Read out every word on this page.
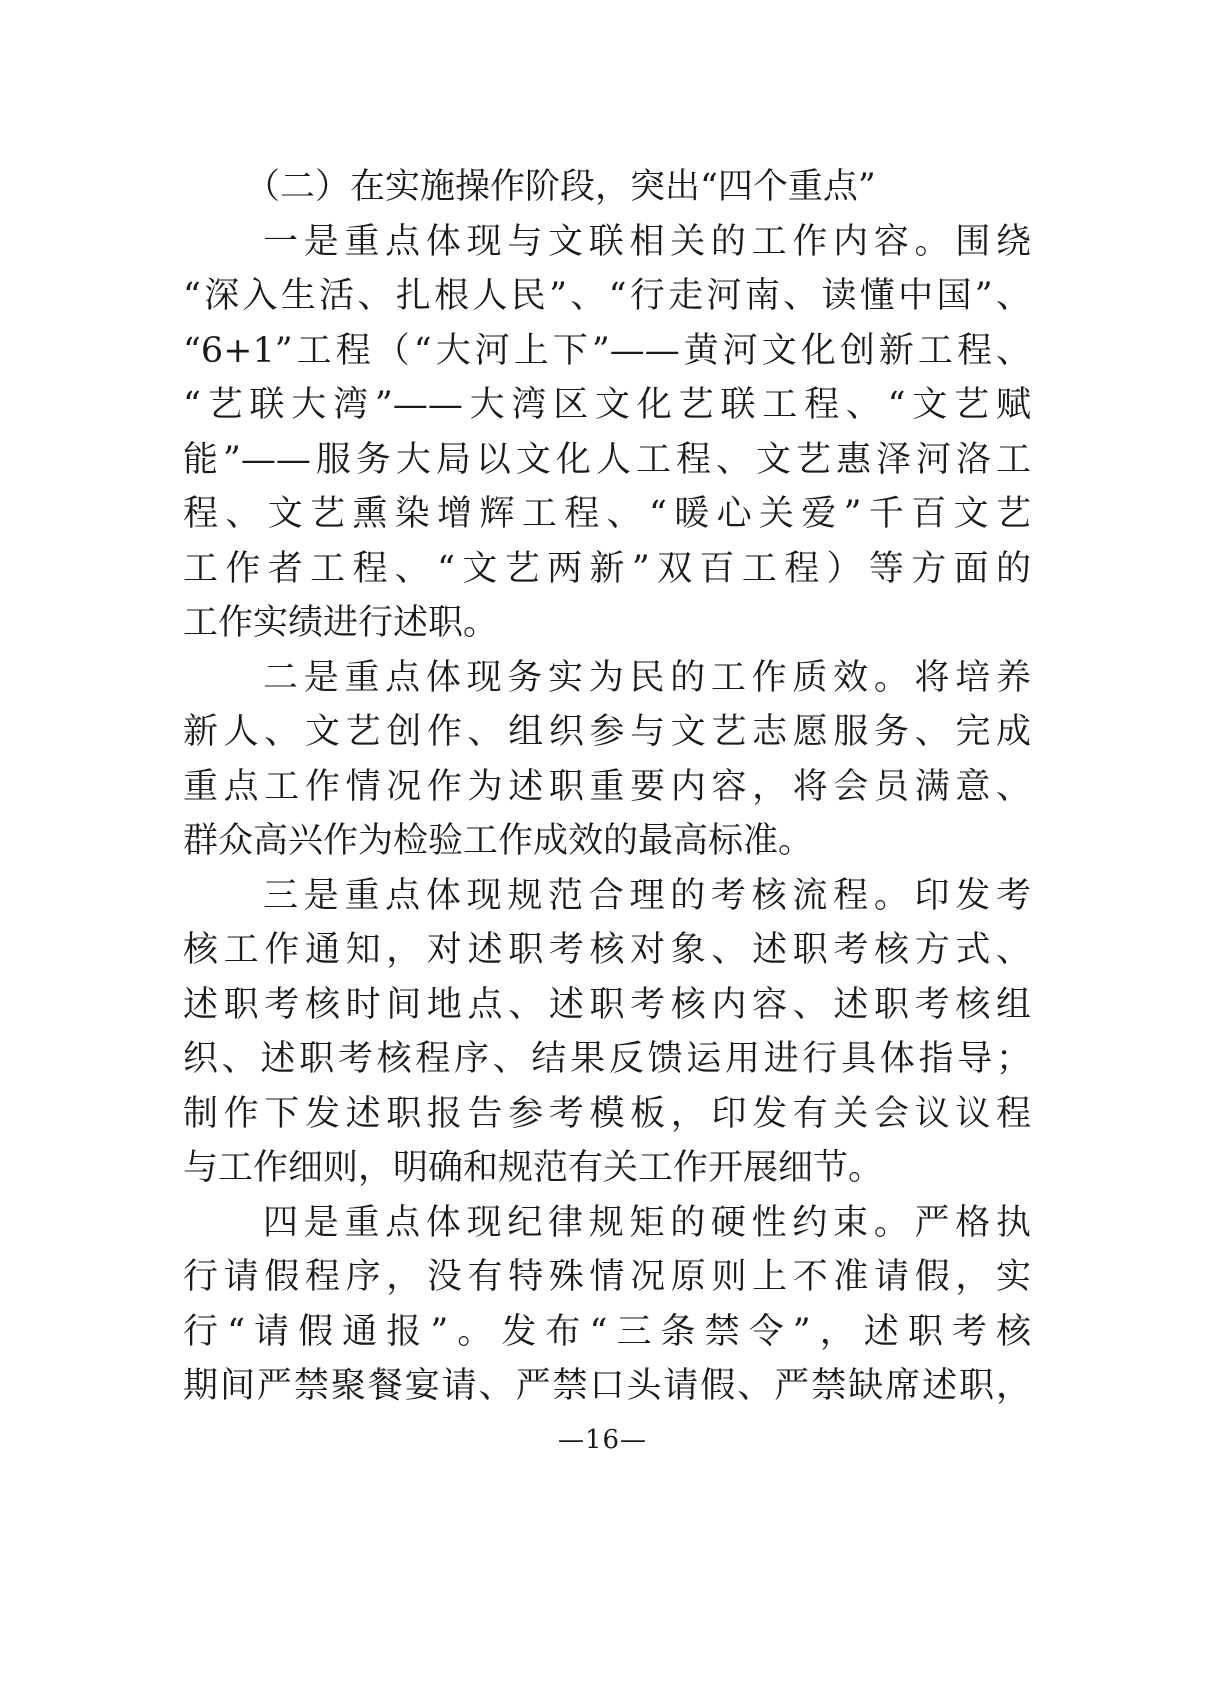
（二）在实施操作阶段，突出“四个重点”
一是重点体现与文联相关的工作内容。围绕
“深入生活、扎根人民”、“行走河南、读懂中国”、
“6+1”工程（“大河上下”——黄河文化创新工程、
“艺联大湾”——大湾区文化艺联工程、“文艺赋
能”——服务大局以文化人工程、文艺惠泽河洛工
程、文艺熏染增辉工程、“暖心关爱”千百文艺
工作者工程、“文艺两新”双百工程）等方面的
工作实绩进行述职。
二是重点体现务实为民的工作质效。将培养
新人、文艺创作、组织参与文艺志愿服务、完成
重点工作情况作为述职重要内容，将会员满意、
群众高兴作为检验工作成效的最高标准。
三是重点体现规范合理的考核流程。印发考
核工作通知，对述职考核对象、述职考核方式、
述职考核时间地点、述职考核内容、述职考核组
织、述职考核程序、结果反馈运用进行具体指导；
制作下发述职报告参考模板，印发有关会议议程
与工作细则，明确和规范有关工作开展细节。
四是重点体现纪律规矩的硬性约束。严格执
行请假程序，没有特殊情况原则上不准请假，实
行“请假通报”。发布“三条禁令”，述职考核
期间严禁聚餐宴请、严禁口头请假、严禁缺席述职，
—16—
